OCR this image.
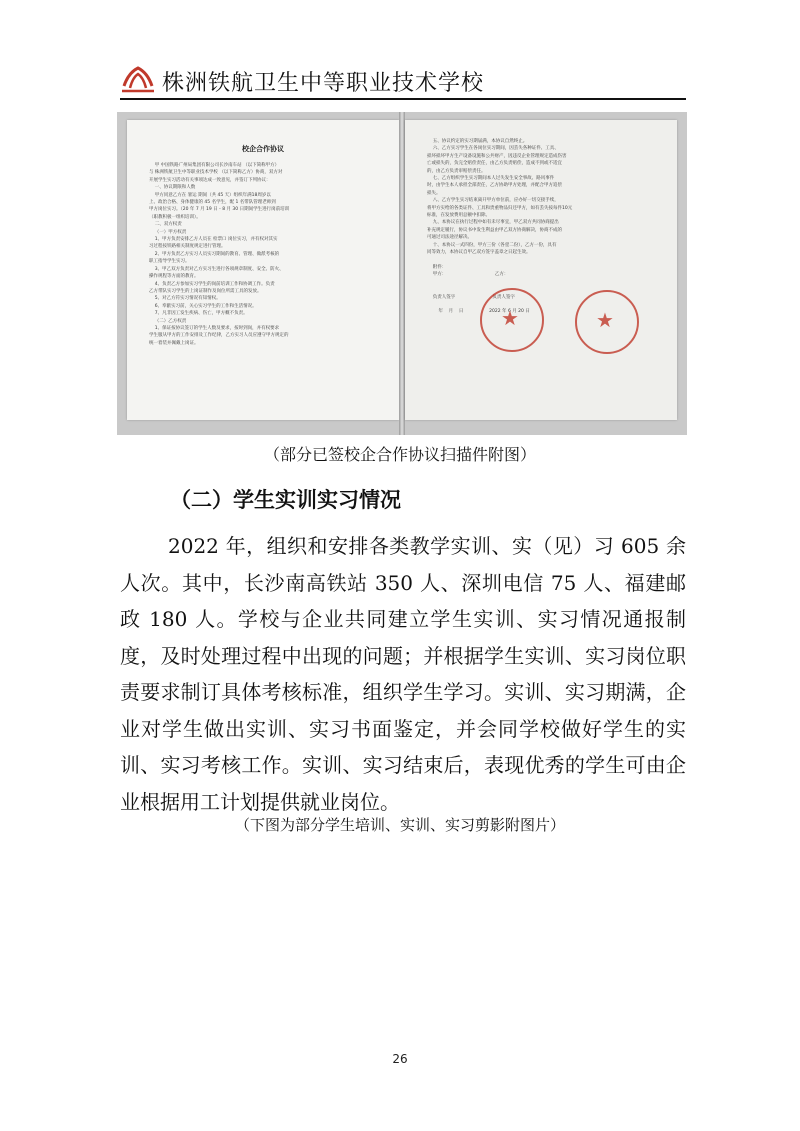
株洲铁航卫生中等职业技术学校
校企合作协议
甲 中国铁路广州局集团有限公司长沙南车站 （以下简称甲方）
与 株洲铁航卫生中等职业技术学校 （以下简称乙方）协商，双方对
开展学生实习活动有关事项达成一致意见，并签订下列协议：
一、协议期限和人数
甲方同意乙方在 暑运 期间（共 45 天）组织年满18周岁以
上、政治合格、身体健康的 45 名学生，配 1 名带队管理老师到
甲方岗位实习。（20 年 7 月 19 日 - 8 月 30 日期间学生进行岗前培训
（职教积极一组织培训）。
二、双方权责
（一）甲方权责
1、甲方负责安排乙方人员在 检票口 岗位实习，并有权对其实
习过程按铁路相关制度规定进行管理。
2、甲方负责乙方实习人员实习期间的教育、管理、做派考核的
职工指导学生实习。
3、甲乙双方负责对乙方实习生进行各项规章制度、安全、防火、
操作规程等方面的教育。
4、负责乙方参加实习学生的岗前培训工作和协调工作。负责
乙方带队实习学生的上岗证制作及岗位所需工具的发放。
5、对乙方符实习情况有知情权。
6、奉献实习前，关心实习学生的工作和生活情况。
7、凡非因工发生疾病、伤亡，甲方概不负责。
（二）乙方权责
1、保证按协议签订的学生人数及要求，按时到岗，并有权要求
学生服从甲方的工作安排及工作纪律，乙方实习人员应遵守甲方规定的
统一着装并佩戴上岗证。
五、协议约定的实习期届满，本协议自然终止。
六、乙方实习学生在各岗位实习期间，因丢失各种证件、工具、
损坏损坏甲方生产设备设施和公共财产，因违反企业管理规定造成伤害
亡或损失的，负完全赔偿责任，由乙方负责赔偿，造成不到或不适宜
的，由乙方负责审赔偿责任。
七、乙方组织学生实习期间本人过失发生安全事故、路风事件
时，由学生本人承担全部责任，乙方协助甲方处理，并配合甲方追偿
损失。
八、乙方学生实习结束离开甲方单位前，应办好一切交接手续，
将甲方实给的各类证件、工具和贵重物品归还甲方，如有丢失按每件10元
标准，在发放费用总额中扣除。
九、本协议在执行过程中如有未尽事宜，甲乙双方共同协商提出
补充规定履行，协议书中发生利益由甲乙双方协商解决，协商不成的
可通过司法途径解决。
十、本协议一式四份，甲方三份（各壹二份），乙方一份，具有
同等效力，本协议自甲乙双方签字盖章之日起生效。

附件：
甲方：                                  乙方：

负责人签字                          负责人签字

年    月    日                  2022 年 6 月 20 日
★
★
（部分已签校企合作协议扫描件附图）
（二）学生实训实习情况

2022 年，组织和安排各类教学实训、实（见）习 605 余人次。其中，长沙南高铁站 350 人、深圳电信 75 人、福建邮政 180 人。学校与企业共同建立学生实训、实习情况通报制度，及时处理过程中出现的问题；并根据学生实训、实习岗位职责要求制订具体考核标准，组织学生学习。实训、实习期满，企业对学生做出实训、实习书面鉴定，并会同学校做好学生的实训、实习考核工作。实训、实习结束后，表现优秀的学生可由企业根据用工计划提供就业岗位。

（下图为部分学生培训、实训、实习剪影附图片）
26
